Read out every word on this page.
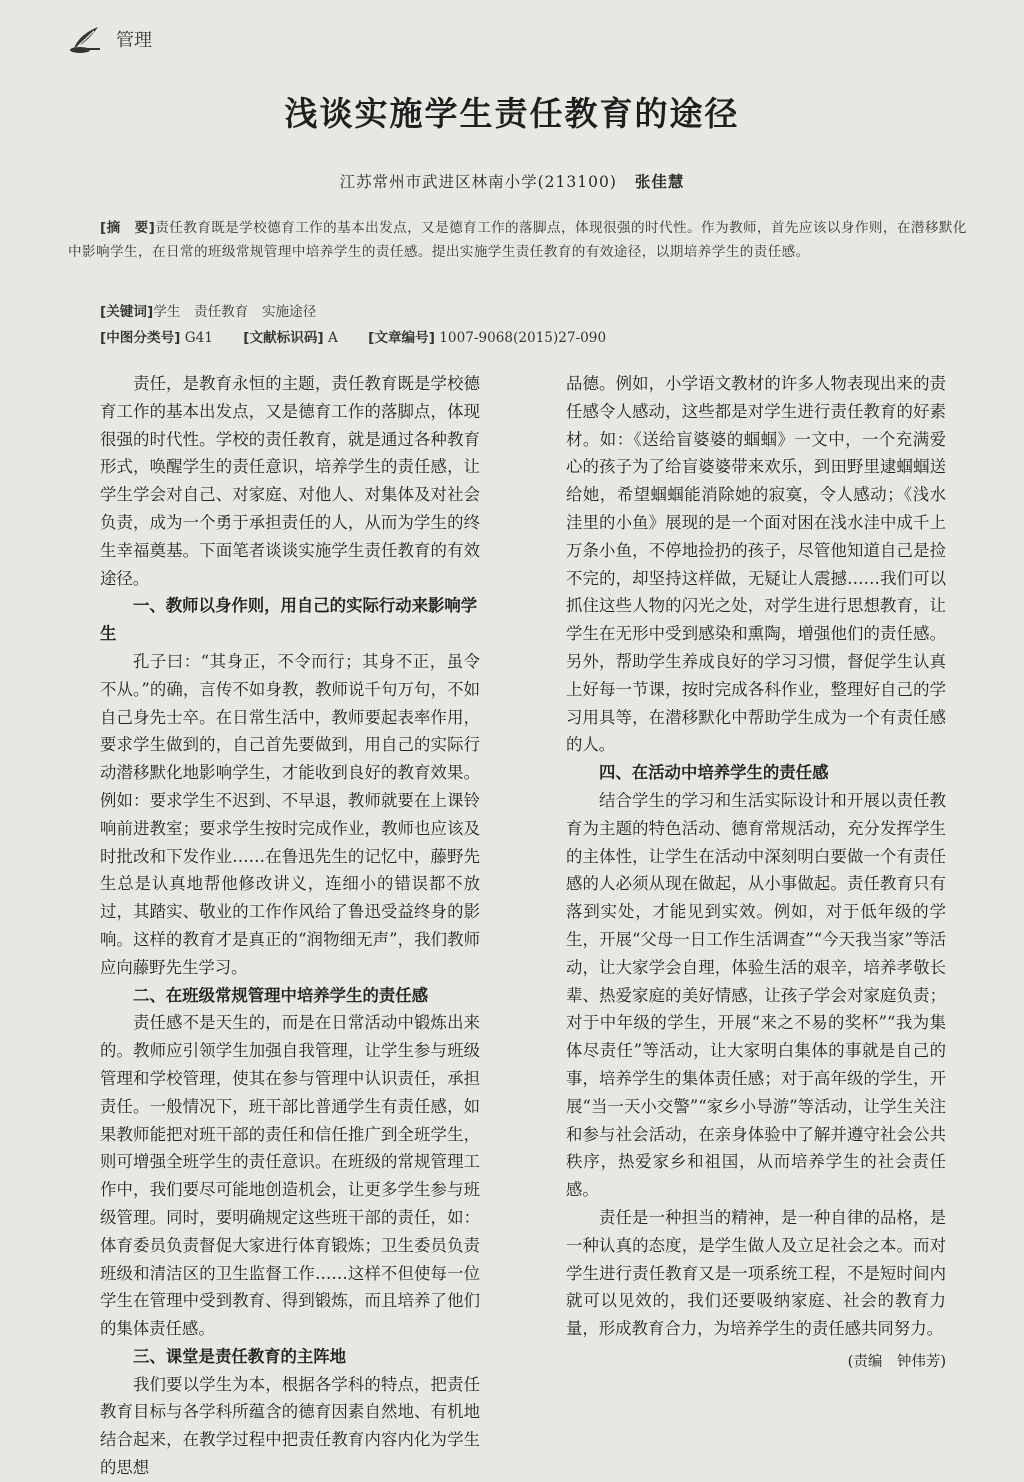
管理
浅谈实施学生责任教育的途径
江苏常州市武进区林南小学(213100) 张佳慧
[摘　要]责任教育既是学校德育工作的基本出发点，又是德育工作的落脚点，体现很强的时代性。作为教师，首先应该以身作则，在潜移默化中影响学生，在日常的班级常规管理中培养学生的责任感。提出实施学生责任教育的有效途径，以期培养学生的责任感。
[关键词]学生　责任教育　实施途径
[中图分类号] G41 [文献标识码] A [文章编号] 1007-9068(2015)27-090

责任，是教育永恒的主题，责任教育既是学校德育工作的基本出发点，又是德育工作的落脚点，体现很强的时代性。学校的责任教育，就是通过各种教育形式，唤醒学生的责任意识，培养学生的责任感，让学生学会对自己、对家庭、对他人、对集体及对社会负责，成为一个勇于承担责任的人，从而为学生的终生幸福奠基。下面笔者谈谈实施学生责任教育的有效途径。

一、教师以身作则，用自己的实际行动来影响学生

孔子曰：“其身正，不令而行；其身不正，虽令不从。”的确，言传不如身教，教师说千句万句，不如自己身先士卒。在日常生活中，教师要起表率作用，要求学生做到的，自己首先要做到，用自己的实际行动潜移默化地影响学生，才能收到良好的教育效果。例如：要求学生不迟到、不早退，教师就要在上课铃响前进教室；要求学生按时完成作业，教师也应该及时批改和下发作业……在鲁迅先生的记忆中，藤野先生总是认真地帮他修改讲义，连细小的错误都不放过，其踏实、敬业的工作作风给了鲁迅受益终身的影响。这样的教育才是真正的“润物细无声”，我们教师应向藤野先生学习。

二、在班级常规管理中培养学生的责任感

责任感不是天生的，而是在日常活动中锻炼出来的。教师应引领学生加强自我管理，让学生参与班级管理和学校管理，使其在参与管理中认识责任，承担责任。一般情况下，班干部比普通学生有责任感，如果教师能把对班干部的责任和信任推广到全班学生，则可增强全班学生的责任意识。在班级的常规管理工作中，我们要尽可能地创造机会，让更多学生参与班级管理。同时，要明确规定这些班干部的责任，如：体育委员负责督促大家进行体育锻炼；卫生委员负责班级和清洁区的卫生监督工作……这样不但使每一位学生在管理中受到教育、得到锻炼，而且培养了他们的集体责任感。

三、课堂是责任教育的主阵地

我们要以学生为本，根据各学科的特点，把责任教育目标与各学科所蕴含的德育因素自然地、有机地结合起来，在教学过程中把责任教育内容内化为学生的思想

品德。例如，小学语文教材的许多人物表现出来的责任感令人感动，这些都是对学生进行责任教育的好素材。如：《送给盲婆婆的蝈蝈》一文中，一个充满爱心的孩子为了给盲婆婆带来欢乐，到田野里逮蝈蝈送给她，希望蝈蝈能消除她的寂寞，令人感动；《浅水洼里的小鱼》展现的是一个面对困在浅水洼中成千上万条小鱼，不停地捡扔的孩子，尽管他知道自己是捡不完的，却坚持这样做，无疑让人震撼……我们可以抓住这些人物的闪光之处，对学生进行思想教育，让学生在无形中受到感染和熏陶，增强他们的责任感。另外，帮助学生养成良好的学习习惯，督促学生认真上好每一节课，按时完成各科作业，整理好自己的学习用具等，在潜移默化中帮助学生成为一个有责任感的人。

四、在活动中培养学生的责任感

结合学生的学习和生活实际设计和开展以责任教育为主题的特色活动、德育常规活动，充分发挥学生的主体性，让学生在活动中深刻明白要做一个有责任感的人必须从现在做起，从小事做起。责任教育只有落到实处，才能见到实效。例如，对于低年级的学生，开展“父母一日工作生活调查”“今天我当家”等活动，让大家学会自理，体验生活的艰辛，培养孝敬长辈、热爱家庭的美好情感，让孩子学会对家庭负责；对于中年级的学生，开展“来之不易的奖杯”“我为集体尽责任”等活动，让大家明白集体的事就是自己的事，培养学生的集体责任感；对于高年级的学生，开展“当一天小交警”“家乡小导游”等活动，让学生关注和参与社会活动，在亲身体验中了解并遵守社会公共秩序，热爱家乡和祖国，从而培养学生的社会责任感。

责任是一种担当的精神，是一种自律的品格，是一种认真的态度，是学生做人及立足社会之本。而对学生进行责任教育又是一项系统工程，不是短时间内就可以见效的，我们还要吸纳家庭、社会的教育力量，形成教育合力，为培养学生的责任感共同努力。

(责编　钟伟芳)
